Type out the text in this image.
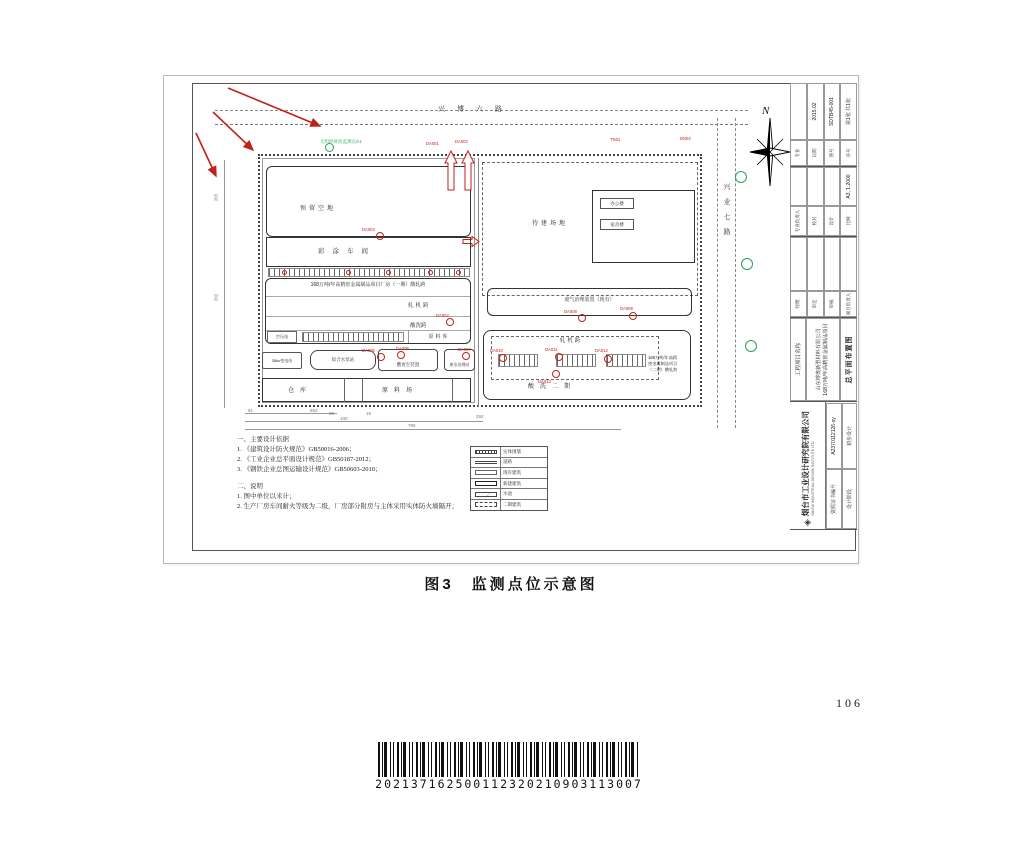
兴博六路
兴业七路
N
预留空地
彩涂车间
168万吨/年高精密金属制品项目厂房（一期）酸轧跨
轧机跨
酸洗跨
空压站	原料库
35kv变电站	综合水泵站
酸再生装置	废水处理站
仓库	原料场
待建场地
办公楼
宿舍楼
废气治理装置（现有）
轧机跨
酸洗二期
168万吨/年高精
密金属制品项目
（二期）酸轧跨
无组织排放监测点G1
实体围墙
道路
现有建筑
新建建筑
水池
二期建筑
◈
烟台市工业设计研究院有限公司 YANTAI INDUSTRIAL DESIGN INSTITUTE LTD.	资质证书编号
A2370112126-sy
设计阶段
初步设计
工程项目名称	山东博奥新型材料有限公司 168万吨/年高精密金属制品项目	总平面布置图
经理	审定	审核	项目负责人
专业负责人	校对	设计	比例
A3, 1:2000
专业	日期
2015.02
图号
SDTB45-001
序号
第1张 共1张
图3　监测点位示意图
106
202137162500112320210903113007
DA001	DA002	TN01	DN04
DA003
DA004
DA005	DA006	DA007
DA008
DA009
DA010	DA011	DA012
DA013
81	852
99	15
100
795
292
265
202
一、主要设计依据
1. 《建筑设计防火规范》GB50016-2006；
2. 《工业企业总平面设计规范》GB50187-2012；
3. 《钢铁企业总图运输设计规范》GB50603-2010；
二、说明
1. 图中单位以米计；
2. 生产厂房车间耐火等级为二级，厂房部分附房与主体采用实体防火墙隔开；
